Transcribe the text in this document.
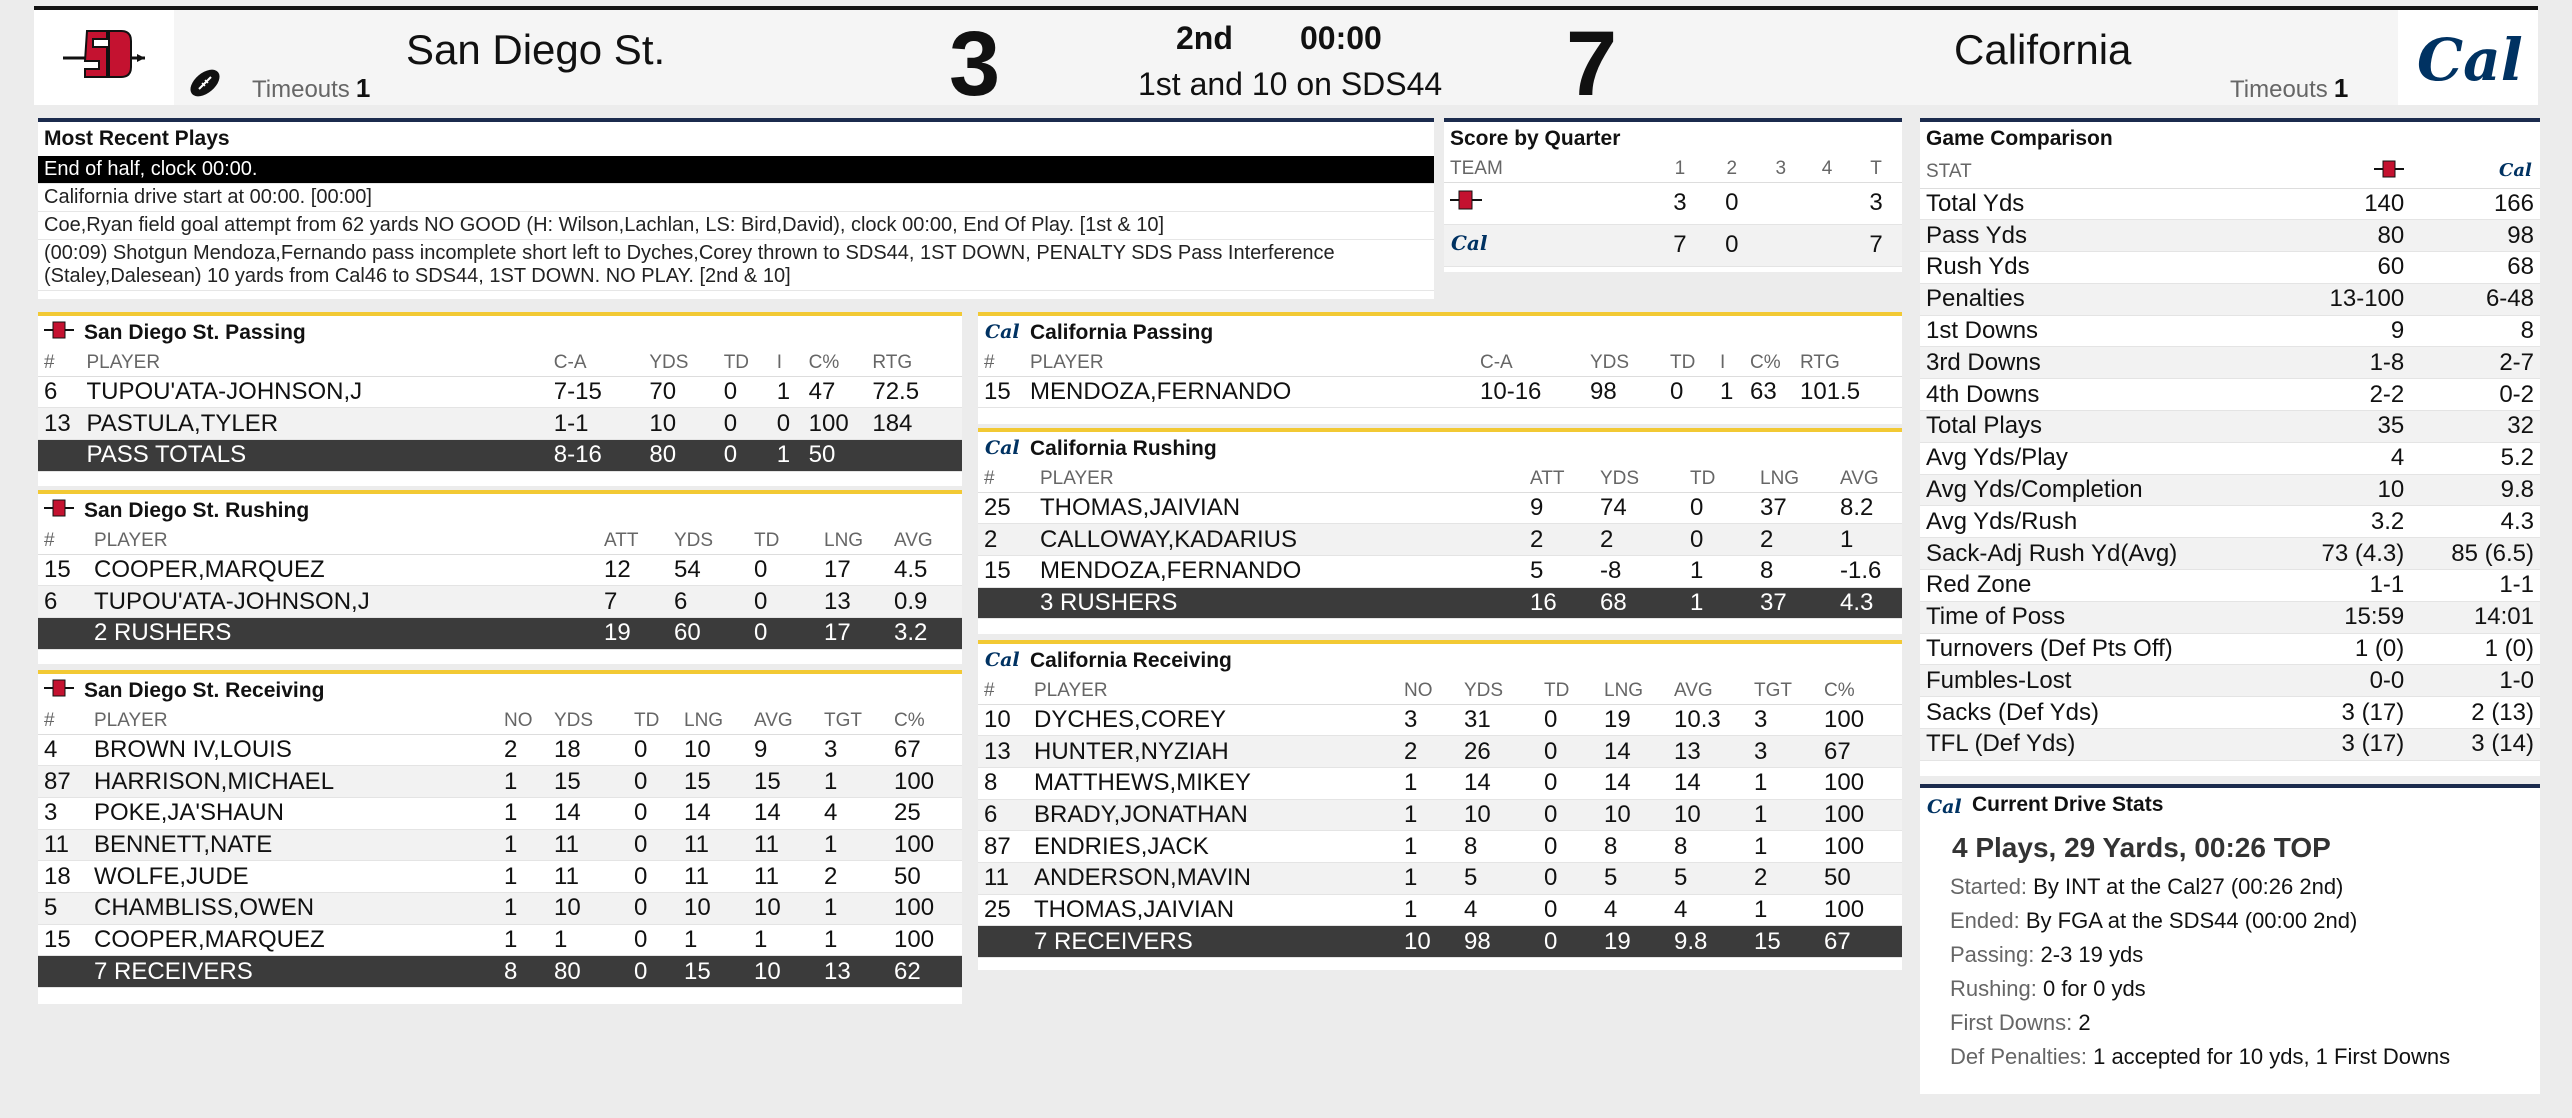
San Diego St.
Timeouts 1	3	2nd 00:00
1st and 10 on SDS44 7	California
Timeouts 1 Cal
Most Recent Plays
End of half, clock 00:00.
California drive start at 00:00. [00:00]
Coe,Ryan field goal attempt from 62 yards NO GOOD (H: Wilson,Lachlan, LS: Bird,David), clock 00:00, End Of Play. [1st & 10]
(00:09) Shotgun Mendoza,Fernando pass incomplete short left to Dyches,Corey thrown to SDS44, 1ST DOWN, PENALTY SDS Pass Interference (Staley,Dalesean) 10 yards from Cal46 to SDS44, 1ST DOWN. NO PLAY. [2nd & 10]
Score by Quarter
TEAM	1	2	3	4	T
	3	0			3

Cal	7	0			7
Game Comparison
STAT		Cal

Total Yds	140	166
Pass Yds	80	98
Rush Yds	60	68
Penalties	13-100	6-48
1st Downs	9	8
3rd Downs	1-8	2-7
4th Downs	2-2	0-2
Total Plays	35	32
Avg Yds/Play	4	5.2
Avg Yds/Completion	10	9.8
Avg Yds/Rush	3.2	4.3
Sack-Adj Rush Yd(Avg)	73 (4.3)	85 (6.5)
Red Zone	1-1	1-1
Time of Poss	15:59	14:01
Turnovers (Def Pts Off)	1 (0)	1 (0)
Fumbles-Lost	0-0	1-0
Sacks (Def Yds)	3 (17)	2 (13)
TFL (Def Yds)	3 (17)	3 (14)
Cal Current Drive Stats
4 Plays, 29 Yards, 00:26 TOP
Started: By INT at the Cal27 (00:26 2nd)
Ended: By FGA at the SDS44 (00:00 2nd)
Passing: 2-3 19 yds
Rushing: 0 for 0 yds
First Downs: 2
Def Penalties: 1 accepted for 10 yds, 1 First Downs
San Diego St. Passing
#	PLAYER	C-A	YDS	TD	I	C%	RTG
6	TUPOU'ATA-JOHNSON,J	7-15	70	0	1	47	72.5
13	PASTULA,TYLER	1-1	10	0	0	100	184
	PASS TOTALS	8-16	80	0	1	50	
San Diego St. Rushing
#	PLAYER	ATT	YDS	TD	LNG	AVG
15	COOPER,MARQUEZ	12	54	0	17	4.5
6	TUPOU'ATA-JOHNSON,J	7	6	0	13	0.9
	2 RUSHERS	19	60	0	17	3.2
San Diego St. Receiving
#	PLAYER	NO	YDS	TD	LNG	AVG	TGT	C%
4	BROWN IV,LOUIS	2	18	0	10	9	3	67
87	HARRISON,MICHAEL	1	15	0	15	15	1	100
3	POKE,JA'SHAUN	1	14	0	14	14	4	25
11	BENNETT,NATE	1	11	0	11	11	1	100
18	WOLFE,JUDE	1	11	0	11	11	2	50
5	CHAMBLISS,OWEN	1	10	0	10	10	1	100
15	COOPER,MARQUEZ	1	1	0	1	1	1	100
	7 RECEIVERS	8	80	0	15	10	13	62
Cal California Passing
#	PLAYER	C-A	YDS	TD	I	C%	RTG
15	MENDOZA,FERNANDO	10-16	98	0	1	63	101.5
Cal California Rushing
#	PLAYER	ATT	YDS	TD	LNG	AVG
25	THOMAS,JAIVIAN	9	74	0	37	8.2
2	CALLOWAY,KADARIUS	2	2	0	2	1
15	MENDOZA,FERNANDO	5	-8	1	8	-1.6
	3 RUSHERS	16	68	1	37	4.3
Cal California Receiving
#	PLAYER	NO	YDS	TD	LNG	AVG	TGT	C%
10	DYCHES,COREY	3	31	0	19	10.3	3	100
13	HUNTER,NYZIAH	2	26	0	14	13	3	67
8	MATTHEWS,MIKEY	1	14	0	14	14	1	100
6	BRADY,JONATHAN	1	10	0	10	10	1	100
87	ENDRIES,JACK	1	8	0	8	8	1	100
11	ANDERSON,MAVIN	1	5	0	5	5	2	50
25	THOMAS,JAIVIAN	1	4	0	4	4	1	100
	7 RECEIVERS	10	98	0	19	9.8	15	67
